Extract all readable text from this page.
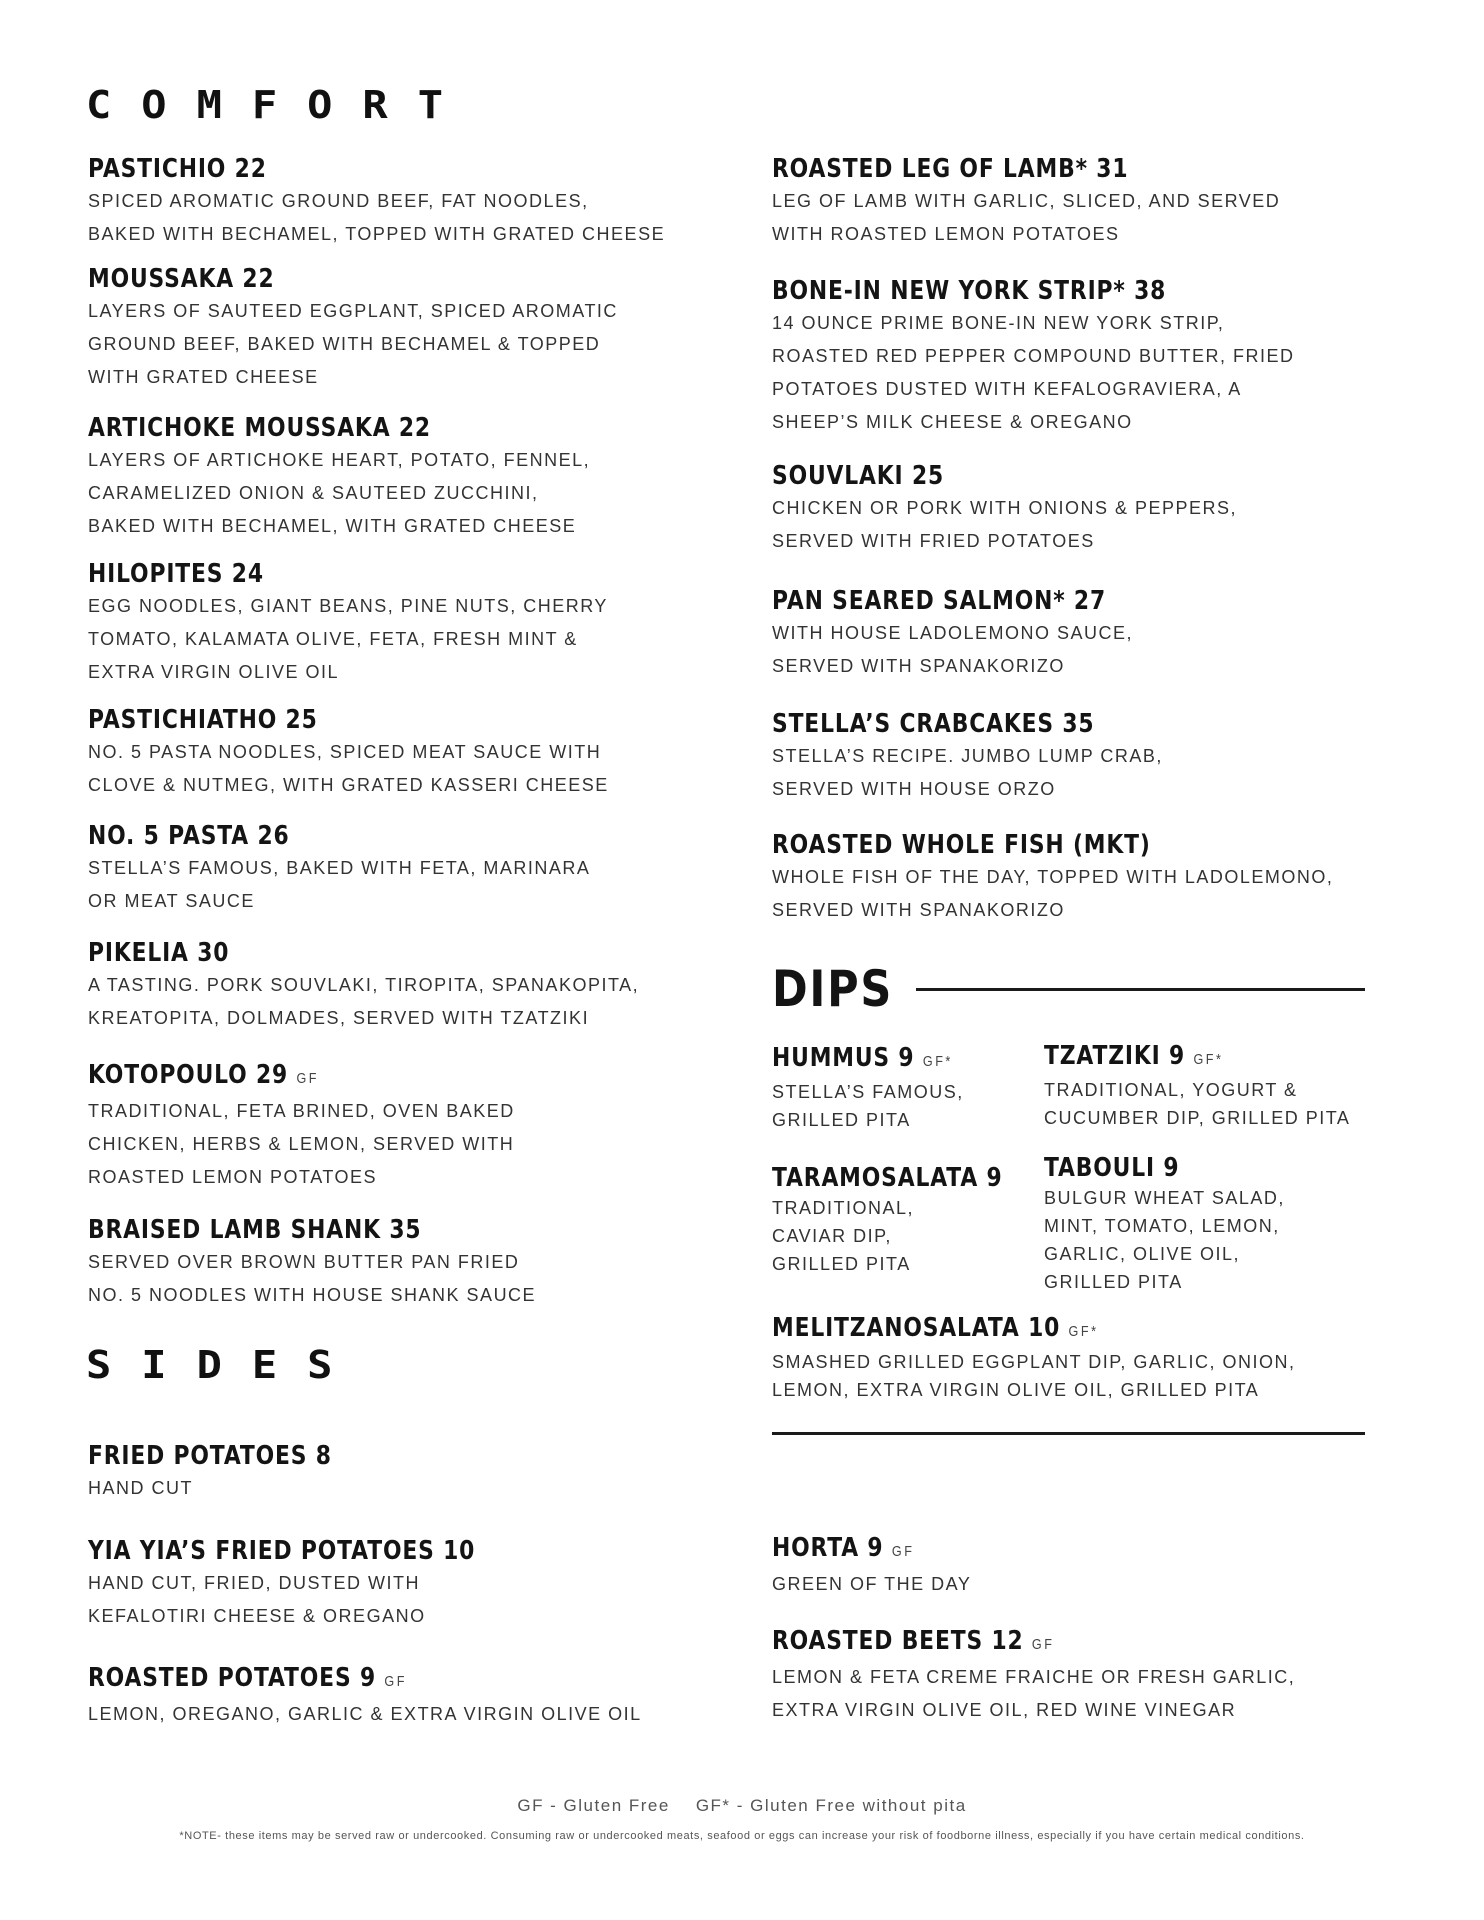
COMFORT
SIDES
DIPS
PASTICHIO 22
SPICED AROMATIC GROUND BEEF, FAT NOODLES,
BAKED WITH BECHAMEL, TOPPED WITH GRATED CHEESE
MOUSSAKA 22
LAYERS OF SAUTEED EGGPLANT, SPICED AROMATIC
GROUND BEEF, BAKED WITH BECHAMEL & TOPPED
WITH GRATED CHEESE
ARTICHOKE MOUSSAKA 22
LAYERS OF ARTICHOKE HEART, POTATO, FENNEL,
CARAMELIZED ONION & SAUTEED ZUCCHINI,
BAKED WITH BECHAMEL, WITH GRATED CHEESE
HILOPITES 24
EGG NOODLES, GIANT BEANS, PINE NUTS, CHERRY
TOMATO, KALAMATA OLIVE, FETA, FRESH MINT &
EXTRA VIRGIN OLIVE OIL
PASTICHIATHO 25
NO. 5 PASTA NOODLES, SPICED MEAT SAUCE WITH
CLOVE & NUTMEG, WITH GRATED KASSERI CHEESE
NO. 5 PASTA 26
STELLA’S FAMOUS, BAKED WITH FETA, MARINARA
OR MEAT SAUCE
PIKELIA 30
A TASTING. PORK SOUVLAKI, TIROPITA, SPANAKOPITA,
KREATOPITA, DOLMADES, SERVED WITH TZATZIKI
KOTOPOULO 29 GF
TRADITIONAL, FETA BRINED, OVEN BAKED
CHICKEN, HERBS & LEMON, SERVED WITH
ROASTED LEMON POTATOES
BRAISED LAMB SHANK 35
SERVED OVER BROWN BUTTER PAN FRIED
NO. 5 NOODLES WITH HOUSE SHANK SAUCE
ROASTED LEG OF LAMB* 31
LEG OF LAMB WITH GARLIC, SLICED, AND SERVED
WITH ROASTED LEMON POTATOES
BONE-IN NEW YORK STRIP* 38
14 OUNCE PRIME BONE-IN NEW YORK STRIP,
ROASTED RED PEPPER COMPOUND BUTTER, FRIED
POTATOES DUSTED WITH KEFALOGRAVIERA, A
SHEEP’S MILK CHEESE & OREGANO
SOUVLAKI 25
CHICKEN OR PORK WITH ONIONS & PEPPERS,
SERVED WITH FRIED POTATOES
PAN SEARED SALMON* 27
WITH HOUSE LADOLEMONO SAUCE,
SERVED WITH SPANAKORIZO
STELLA’S CRABCAKES 35
STELLA’S RECIPE. JUMBO LUMP CRAB,
SERVED WITH HOUSE ORZO
ROASTED WHOLE FISH (MKT)
WHOLE FISH OF THE DAY, TOPPED WITH LADOLEMONO,
SERVED WITH SPANAKORIZO
HUMMUS 9 GF*
STELLA’S FAMOUS,
GRILLED PITA
TZATZIKI 9 GF*
TRADITIONAL, YOGURT &
CUCUMBER DIP, GRILLED PITA
TARAMOSALATA 9
TRADITIONAL,
CAVIAR DIP,
GRILLED PITA
TABOULI 9
BULGUR WHEAT SALAD,
MINT, TOMATO, LEMON,
GARLIC, OLIVE OIL,
GRILLED PITA
MELITZANOSALATA 10 GF*
SMASHED GRILLED EGGPLANT DIP, GARLIC, ONION,
LEMON, EXTRA VIRGIN OLIVE OIL, GRILLED PITA
FRIED POTATOES 8
HAND CUT
YIA YIA’S FRIED POTATOES 10
HAND CUT, FRIED, DUSTED WITH
KEFALOTIRI CHEESE & OREGANO
ROASTED POTATOES 9 GF
LEMON, OREGANO, GARLIC & EXTRA VIRGIN OLIVE OIL
HORTA 9 GF
GREEN OF THE DAY
ROASTED BEETS 12 GF
LEMON & FETA CREME FRAICHE OR FRESH GARLIC,
EXTRA VIRGIN OLIVE OIL, RED WINE VINEGAR
GF - Gluten Free GF* - Gluten Free without pita
*NOTE- these items may be served raw or undercooked. Consuming raw or undercooked meats, seafood or eggs can increase your risk of foodborne illness, especially if you have certain medical conditions.
